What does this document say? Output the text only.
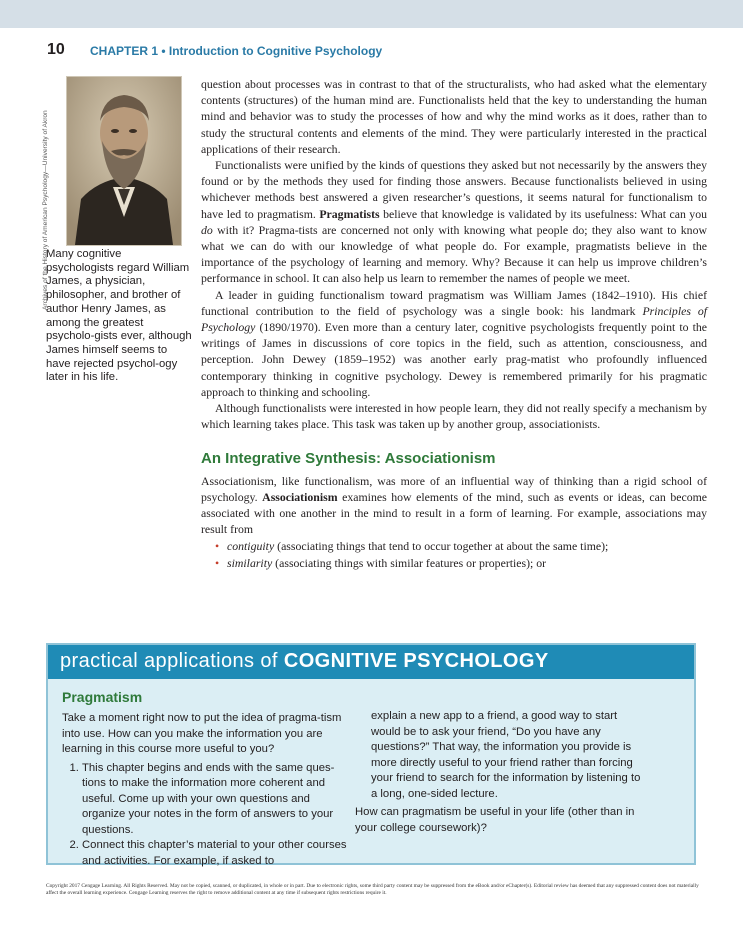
10 CHAPTER 1 • Introduction to Cognitive Psychology
Archives of the History of American Psychology—University of Akron
Many cognitive psychologists regard William James, a physician, philosopher, and brother of author Henry James, as among the greatest psycholo-gists ever, although James himself seems to have rejected psychol-ogy later in his life.

question about processes was in contrast to that of the structuralists, who had asked what the elementary contents (structures) of the human mind are. Functionalists held that the key to understanding the human mind and behavior was to study the processes of how and why the mind works as it does, rather than to study the structural contents and elements of the mind. They were particularly interested in the practical applications of their research.

Functionalists were unified by the kinds of questions they asked but not necessarily by the answers they found or by the methods they used for finding those answers. Because functionalists believed in using whichever methods best answered a given researcher’s questions, it seems natural for functionalism to have led to pragmatism. Pragmatists believe that knowledge is validated by its usefulness: What can you do with it? Pragma-tists are concerned not only with knowing what people do; they also want to know what we can do with our knowledge of what people do. For example, pragmatists believe in the importance of the psychology of learning and memory. Why? Because it can help us improve children’s performance in school. It can also help us learn to remember the names of people we meet.

A leader in guiding functionalism toward pragmatism was William James (1842–1910). His chief functional contribution to the field of psychology was a single book: his landmark Principles of Psychology (1890/1970). Even more than a century later, cognitive psychologists frequently point to the writings of James in discussions of core topics in the field, such as attention, consciousness, and perception. John Dewey (1859–1952) was another early prag-matist who profoundly influenced contemporary thinking in cognitive psychology. Dewey is remembered primarily for his pragmatic approach to thinking and schooling.

Although functionalists were interested in how people learn, they did not really specify a mechanism by which learning takes place. This task was taken up by another group, associationists.

An Integrative Synthesis: Associationism

Associationism, like functionalism, was more of an influential way of thinking than a rigid school of psychology. Associationism examines how elements of the mind, such as events or ideas, can become associated with one another in the mind to result in a form of learning. For example, associations may result from

• contiguity (associating things that tend to occur together at about the same time);
• similarity (associating things with similar features or properties); or
practical applications of COGNITIVE PSYCHOLOGY
Pragmatism

Take a moment right now to put the idea of pragma-tism into use. How can you make the information you are learning in this course more useful to you?

1. This chapter begins and ends with the same ques-tions to make the information more coherent and useful. Come up with your own questions and organize your notes in the form of answers to your questions.
2. Connect this chapter’s material to your other courses and activities. For example, if asked to

explain a new app to a friend, a good way to start would be to ask your friend, “Do you have any questions?” That way, the information you provide is more directly useful to your friend rather than forcing your friend to search for the information by listening to a long, one-sided lecture.

How can pragmatism be useful in your life (other than in your college coursework)?

Copyright 2017 Cengage Learning. All Rights Reserved. May not be copied, scanned, or duplicated, in whole or in part. Due to electronic rights, some third party content may be suppressed from the eBook and/or eChapter(s). Editorial review has deemed that any suppressed content does not materially affect the overall learning experience. Cengage Learning reserves the right to remove additional content at any time if subsequent rights restrictions require it.
